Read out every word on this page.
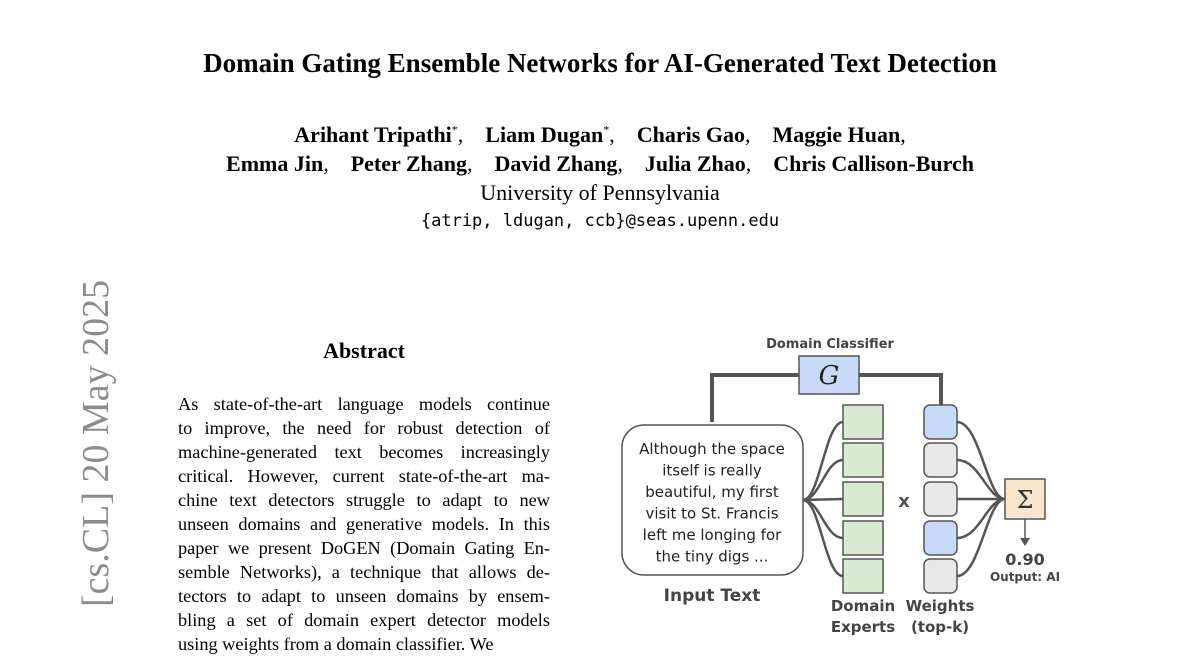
Domain Gating Ensemble Networks for AI-Generated Text Detection
Arihant Tripathi*, Liam Dugan*, Charis Gao, Maggie Huan,
Emma Jin, Peter Zhang, David Zhang, Julia Zhao, Chris Callison-Burch
University of Pennsylvania
{atrip, ldugan, ccb}@seas.upenn.edu
[cs.CL] 20 May 2025	Abstract
As state-of-the-art language models continue
to improve, the need for robust detection of
machine-generated text becomes increasingly
critical. However, current state-of-the-art ma-
chine text detectors struggle to adapt to new
unseen domains and generative models. In this
paper we present DoGEN (Domain Gating En-
semble Networks), a technique that allows de-
tectors to adapt to unseen domains by ensem-
bling a set of domain expert detector models
using weights from a domain classifier. We
Domain Classifier
G
Although the space
itself is really
beautiful, my first
visit to St. Francis
left me longing for
the tiny digs ...
Input Text	Domain
Experts
x
Weights
(top-k)
Σ
0.90
Output: AI
